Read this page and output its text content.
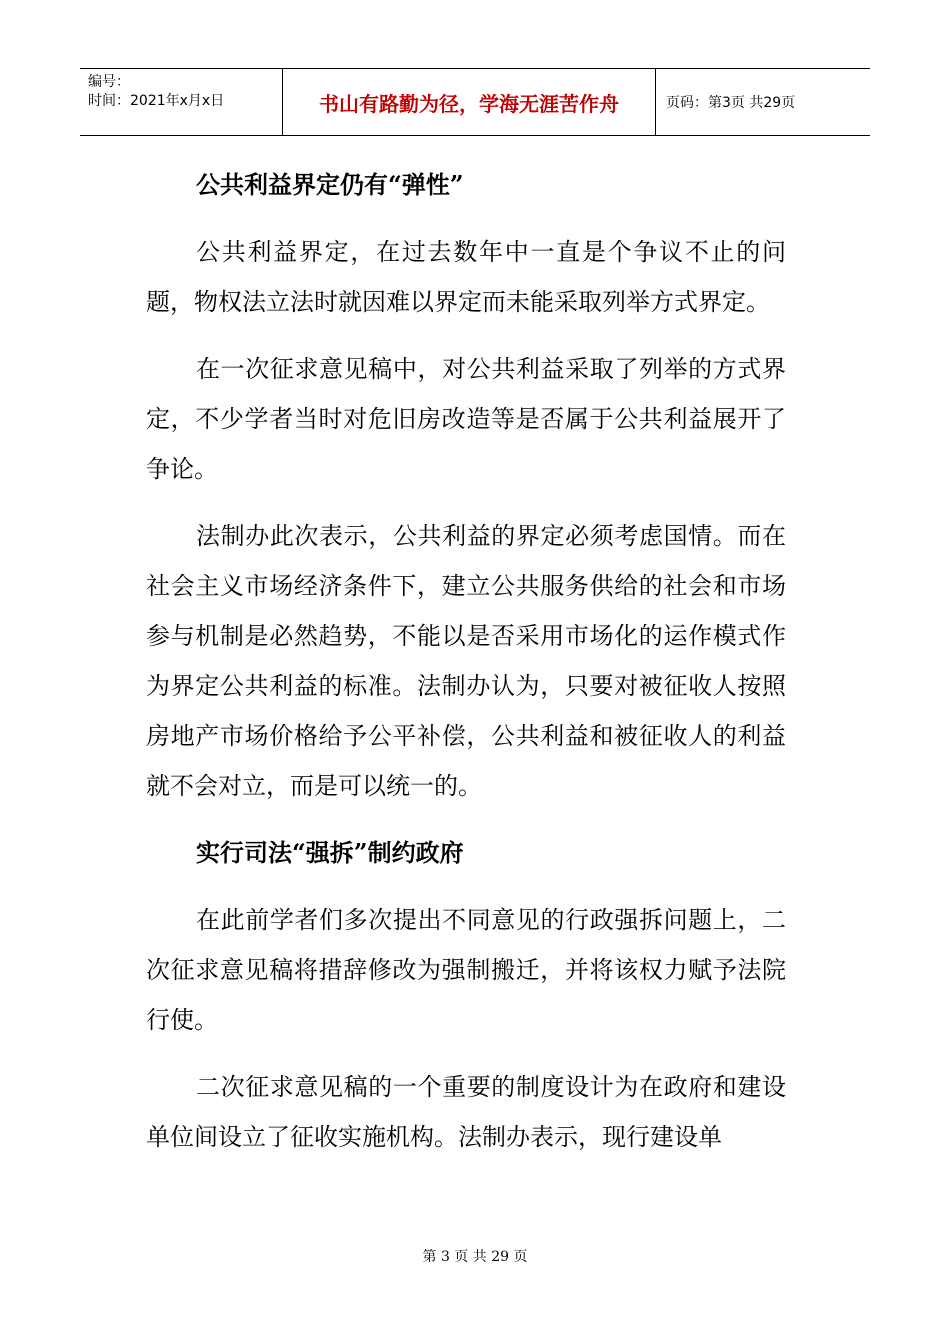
编号：
时间：2021年x月x日	书山有路勤为径，学海无涯苦作舟	页码：第3页 共29页
公共利益界定仍有“弹性”
公共利益界定，在过去数年中一直是个争议不止的问题，物权法立法时就因难以界定而未能采取列举方式界定。
在一次征求意见稿中，对公共利益采取了列举的方式界定，不少学者当时对危旧房改造等是否属于公共利益展开了争论。
法制办此次表示，公共利益的界定必须考虑国情。而在社会主义市场经济条件下，建立公共服务供给的社会和市场参与机制是必然趋势，不能以是否采用市场化的运作模式作为界定公共利益的标准。法制办认为，只要对被征收人按照房地产市场价格给予公平补偿，公共利益和被征收人的利益就不会对立，而是可以统一的。
实行司法“强拆”制约政府
在此前学者们多次提出不同意见的行政强拆问题上，二次征求意见稿将措辞修改为强制搬迁，并将该权力赋予法院行使。
二次征求意见稿的一个重要的制度设计为在政府和建设单位间设立了征收实施机构。法制办表示，现行建设单
第 3 页 共 29 页
